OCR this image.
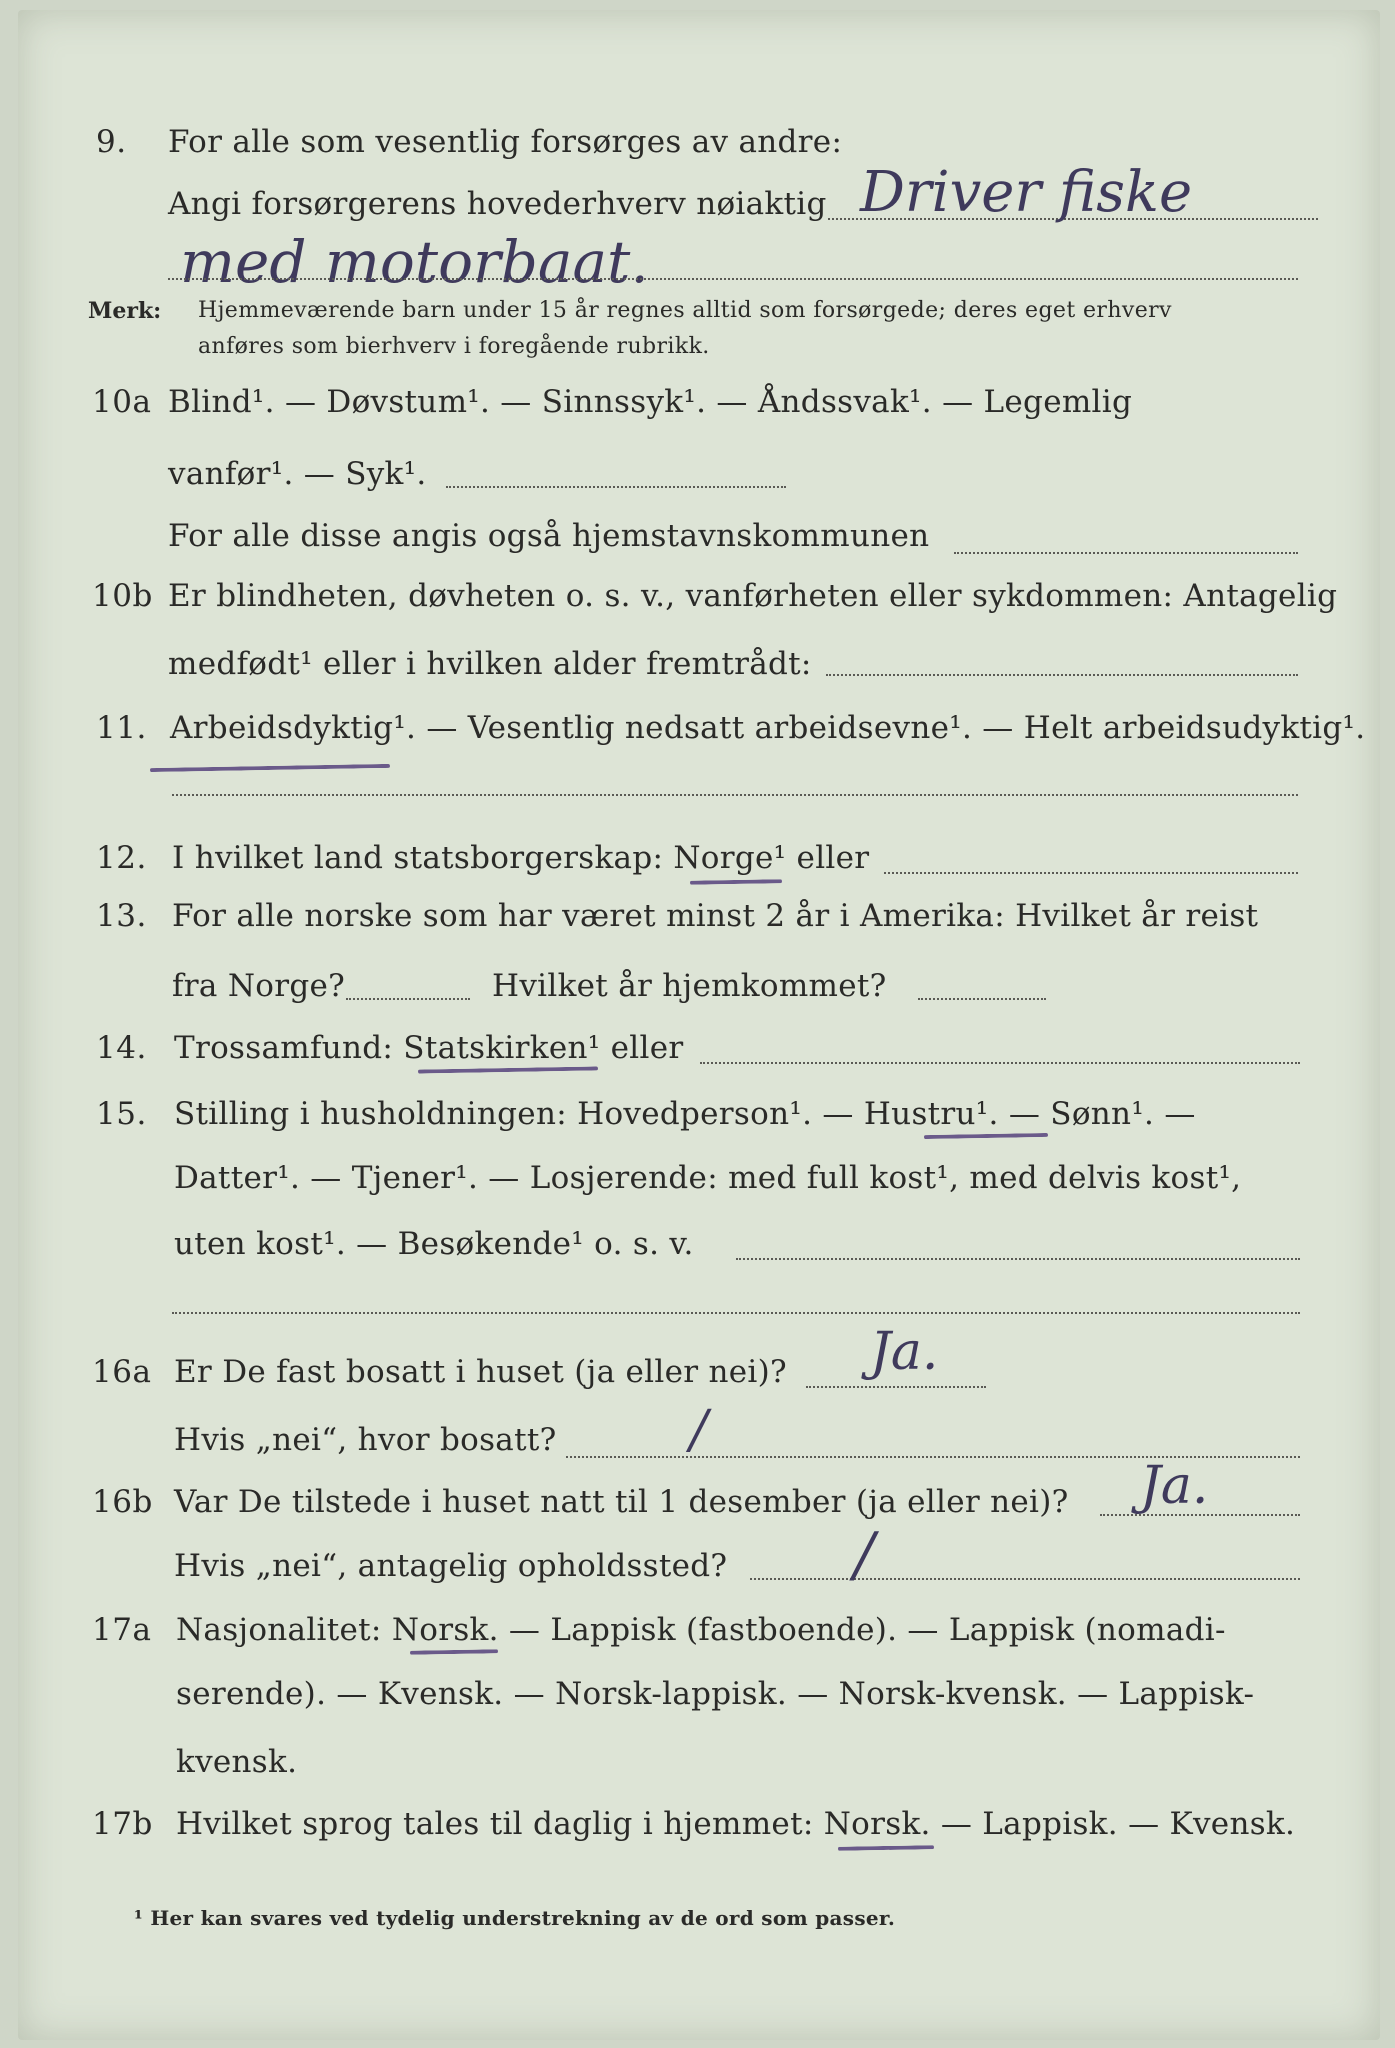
9. For alle som vesentlig forsørges av andre:
Angi forsørgerens hovederhverv nøiaktig Driver fiske
med motorbaat.
Merk: Hjemmeværende barn under 15 år regnes alltid som forsørgede; deres eget erhverv
anføres som bierhverv i foregående rubrikk.
10a Blind¹. — Døvstum¹. — Sinnssyk¹. — Åndssvak¹. — Legemlig
vanfør¹. — Syk¹.
For alle disse angis også hjemstavnskommunen
10b Er blindheten, døvheten o. s. v., vanførheten eller sykdommen: Antagelig
medfødt¹ eller i hvilken alder fremtrådt:
11. Arbeidsdyktig¹. — Vesentlig nedsatt arbeidsevne¹. — Helt arbeidsudyktig¹.
12. I hvilket land statsborgerskap: Norge¹ eller
13. For alle norske som har været minst 2 år i Amerika: Hvilket år reist
fra Norge?	Hvilket år hjemkommet?
14. Trossamfund: Statskirken¹ eller
15. Stilling i husholdningen: Hovedperson¹. — Hustru¹. — Sønn¹. —
Datter¹. — Tjener¹. — Losjerende: med full kost¹, med delvis kost¹,
uten kost¹. — Besøkende¹ o. s. v.
16a Er De fast bosatt i huset (ja eller nei)? Ja.
Hvis „nei“, hvor bosatt?	/
16b Var De tilstede i huset natt til 1 desember (ja eller nei)? Ja.
Hvis „nei“, antagelig opholdssted? /
17a Nasjonalitet: Norsk. — Lappisk (fastboende). — Lappisk (nomadi-
serende). — Kvensk. — Norsk-lappisk. — Norsk-kvensk. — Lappisk-
kvensk.
17b Hvilket sprog tales til daglig i hjemmet: Norsk. — Lappisk. — Kvensk.
¹ Her kan svares ved tydelig understrekning av de ord som passer.
